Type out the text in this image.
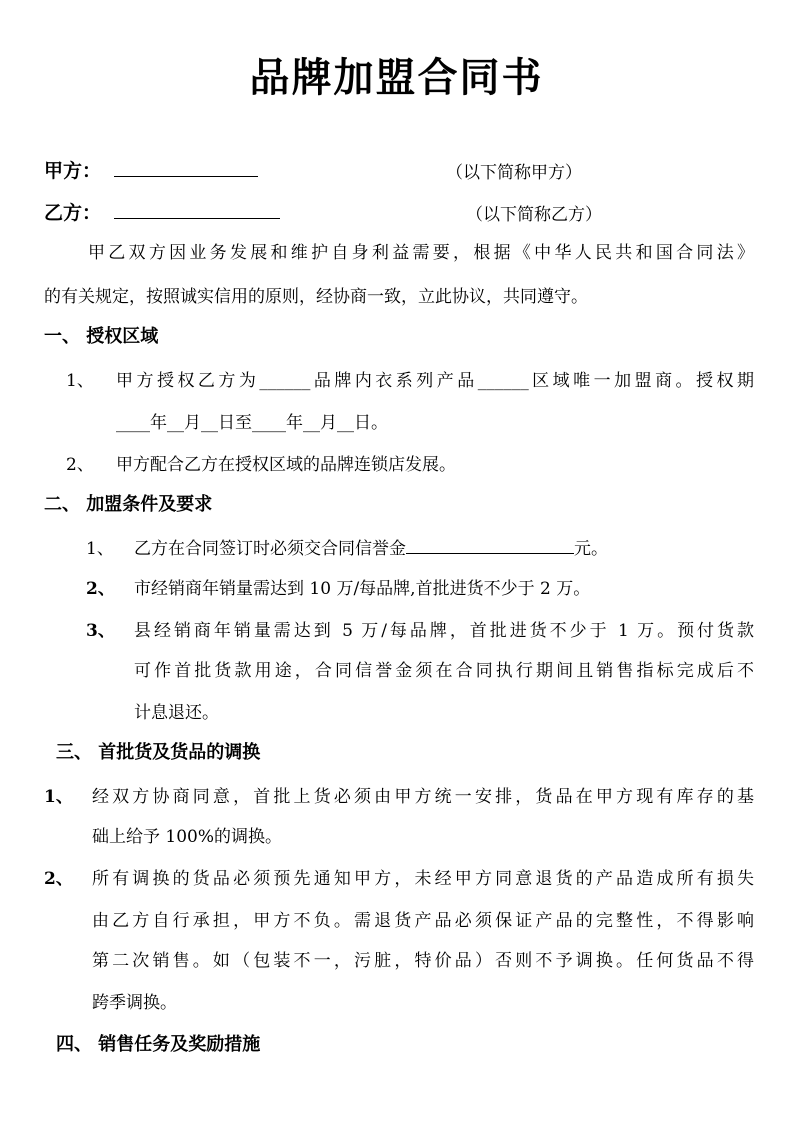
品牌加盟合同书
甲方：	（以下简称甲方）
乙方：	（以下简称乙方）
甲乙双方因业务发展和维护自身利益需要，根据《中华人民共和国合同法》
的有关规定，按照诚实信用的原则，经协商一致，立此协议，共同遵守。
一、 授权区域
1、 甲方授权乙方为______品牌内衣系列产品______区域唯一加盟商。授权期
____年__月__日至____年__月__日。
2、 甲方配合乙方在授权区域的品牌连锁店发展。
二、 加盟条件及要求
1、 乙方在合同签订时必须交合同信誉金	元。
2、 市经销商年销量需达到 10 万/每品牌,首批进货不少于 2 万。
3、 县经销商年销量需达到 5 万/每品牌，首批进货不少于 1 万。预付货款
可作首批货款用途，合同信誉金须在合同执行期间且销售指标完成后不
计息退还。
三、 首批货及货品的调换
1、 经双方协商同意，首批上货必须由甲方统一安排，货品在甲方现有库存的基
础上给予 100%的调换。
2、 所有调换的货品必须预先通知甲方，未经甲方同意退货的产品造成所有损失
由乙方自行承担，甲方不负。需退货产品必须保证产品的完整性，不得影响
第二次销售。如（包装不一，污脏，特价品）否则不予调换。任何货品不得
跨季调换。
四、 销售任务及奖励措施
